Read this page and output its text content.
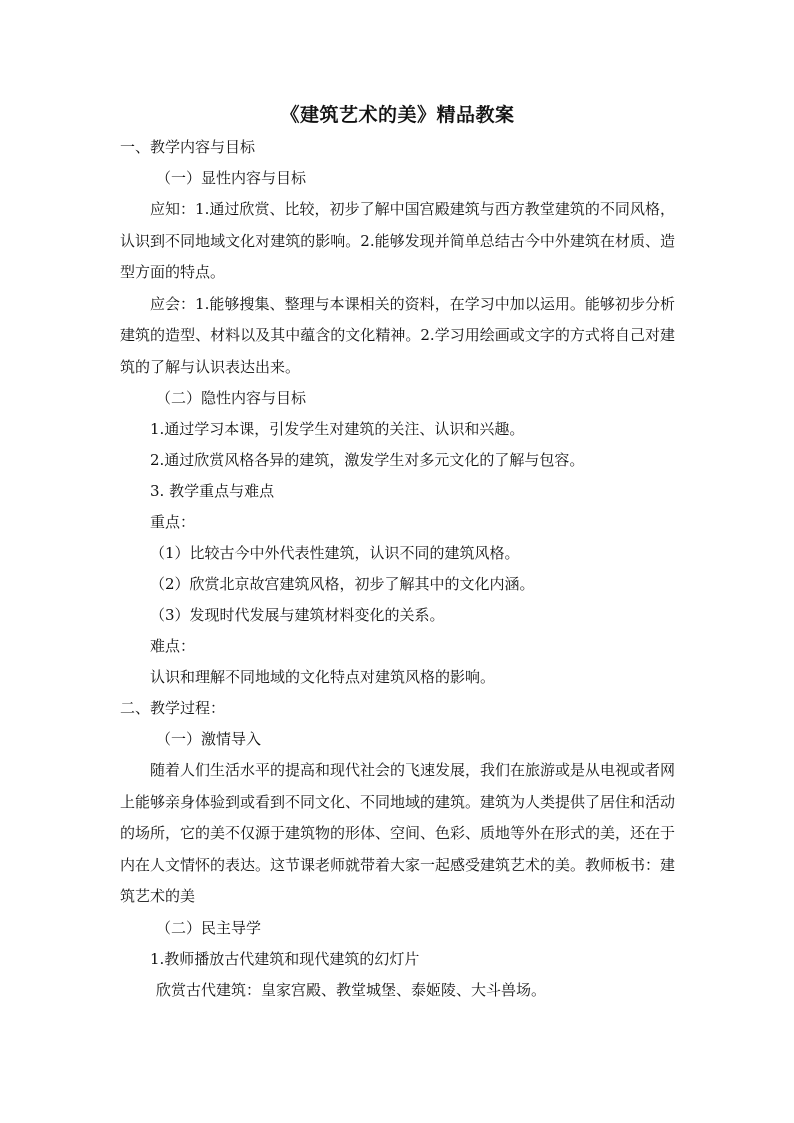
《建筑艺术的美》精品教案

一、教学内容与目标

（一）显性内容与目标

应知：1.通过欣赏、比较，初步了解中国宫殿建筑与西方教堂建筑的不同风格，认识到不同地域文化对建筑的影响。2.能够发现并简单总结古今中外建筑在材质、造型方面的特点。

应会：1.能够搜集、整理与本课相关的资料，在学习中加以运用。能够初步分析建筑的造型、材料以及其中蕴含的文化精神。2.学习用绘画或文字的方式将自己对建筑的了解与认识表达出来。

（二）隐性内容与目标

1.通过学习本课，引发学生对建筑的关注、认识和兴趣。

2.通过欣赏风格各异的建筑，激发学生对多元文化的了解与包容。

3. 教学重点与难点

重点：

（1）比较古今中外代表性建筑，认识不同的建筑风格。

（2）欣赏北京故宫建筑风格，初步了解其中的文化内涵。

（3）发现时代发展与建筑材料变化的关系。

难点：

认识和理解不同地域的文化特点对建筑风格的影响。

二、教学过程：

（一）激情导入

随着人们生活水平的提高和现代社会的飞速发展，我们在旅游或是从电视或者网上能够亲身体验到或看到不同文化、不同地域的建筑。建筑为人类提供了居住和活动的场所，它的美不仅源于建筑物的形体、空间、色彩、质地等外在形式的美，还在于内在人文情怀的表达。这节课老师就带着大家一起感受建筑艺术的美。教师板书：建筑艺术的美

（二）民主导学

1.教师播放古代建筑和现代建筑的幻灯片

欣赏古代建筑：皇家宫殿、教堂城堡、泰姬陵、大斗兽场。
